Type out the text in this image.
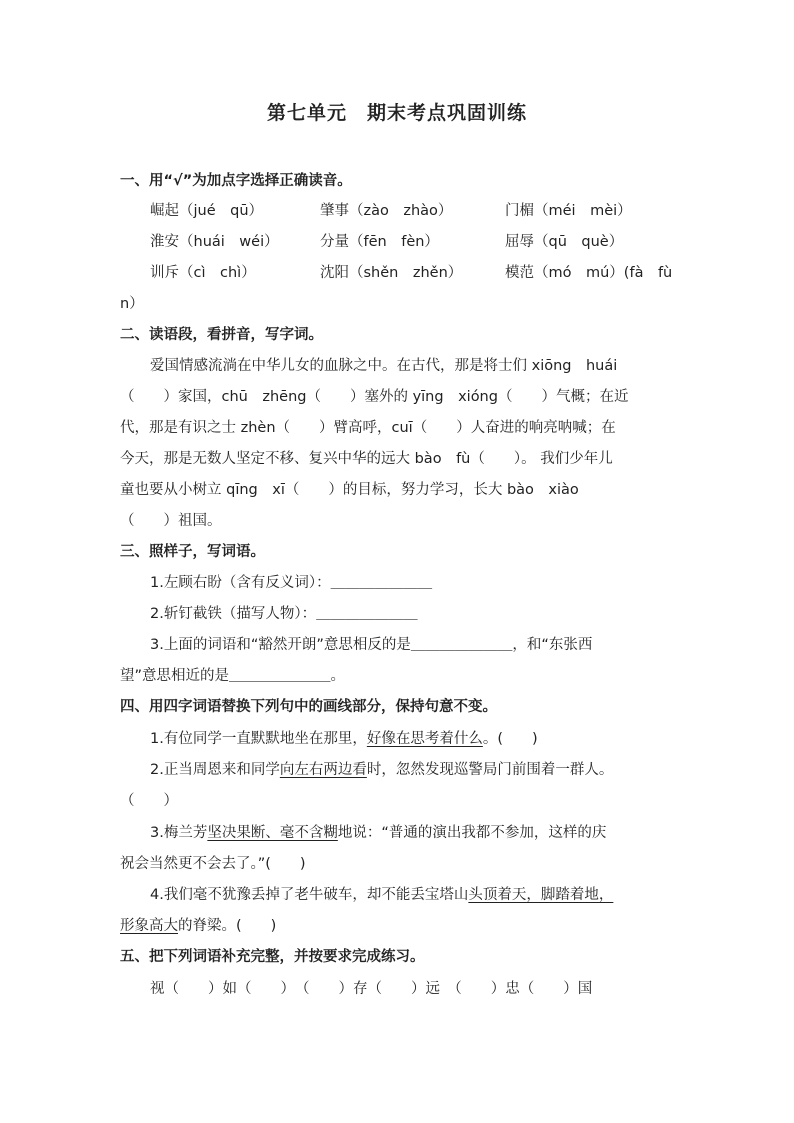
第七单元　期末考点巩固训练
一、用“√”为加点字选择正确读音。
崛起（jué　qū）	肇事（zào　zhào）	门楣（méi　mèi）
淮安（huái　wéi）	分量（fēn　fèn）	屈辱（qū　què）
训斥（cì　chì）	沈阳（shěn　zhěn）	模范（mó　mú）(fà　fù
n）
二、读语段，看拼音，写字词。
爱国情感流淌在中华儿女的血脉之中。在古代，那是将士们 xiōng　huái
（　　）家国，chū　zhēng（　　）塞外的 yīng　xióng（　　）气概；在近
代，那是有识之士 zhèn（　　）臂高呼，cuī（　　）人奋进的响亮呐喊；在
今天，那是无数人坚定不移、复兴中华的远大 bào　fù（　　）。 我们少年儿
童也要从小树立 qīng　xī（　　）的目标，努力学习，长大 bào　xiào
（　　）祖国。
三、照样子，写词语。
1.左顾右盼（含有反义词）：＿＿＿＿＿＿＿
2.斩钉截铁（描写人物）：＿＿＿＿＿＿＿
3.上面的词语和“豁然开朗”意思相反的是＿＿＿＿＿＿＿，和“东张西
望”意思相近的是＿＿＿＿＿＿＿。
四、用四字词语替换下列句中的画线部分，保持句意不变。
1.有位同学一直默默地坐在那里，好像在思考着什么。(　　)
2.正当周恩来和同学向左右两边看时，忽然发现巡警局门前围着一群人。
（　　）
3.梅兰芳坚决果断、毫不含糊地说：“普通的演出我都不参加，这样的庆
祝会当然更不会去了。”(　　)
4.我们毫不犹豫丢掉了老牛破车，却不能丢宝塔山头顶着天，脚踏着地，
形象高大的脊梁。(　　)
五、把下列词语补充完整，并按要求完成练习。
视（　　）如（　　）　（　　）存（　　）远　（　　）忠（　　）国
